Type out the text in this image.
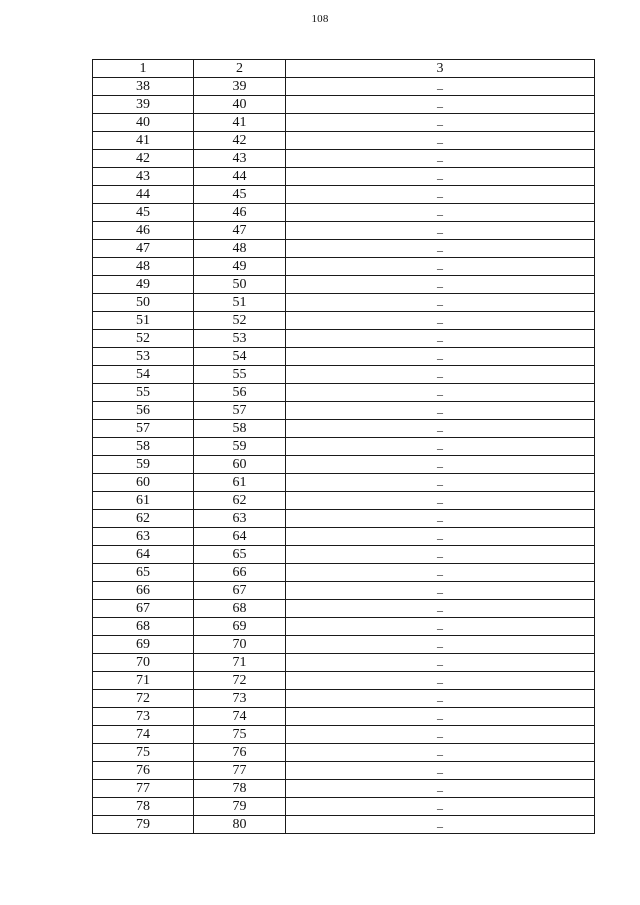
108
1	2	3
38	39	–
39	40	–
40	41	–
41	42	–
42	43	–
43	44	–
44	45	–
45	46	–
46	47	–
47	48	–
48	49	–
49	50	–
50	51	–
51	52	–
52	53	–
53	54	–
54	55	–
55	56	–
56	57	–
57	58	–
58	59	–
59	60	–
60	61	–
61	62	–
62	63	–
63	64	–
64	65	–
65	66	–
66	67	–
67	68	–
68	69	–
69	70	–
70	71	–
71	72	–
72	73	–
73	74	–
74	75	–
75	76	–
76	77	–
77	78	–
78	79	–
79	80	–
